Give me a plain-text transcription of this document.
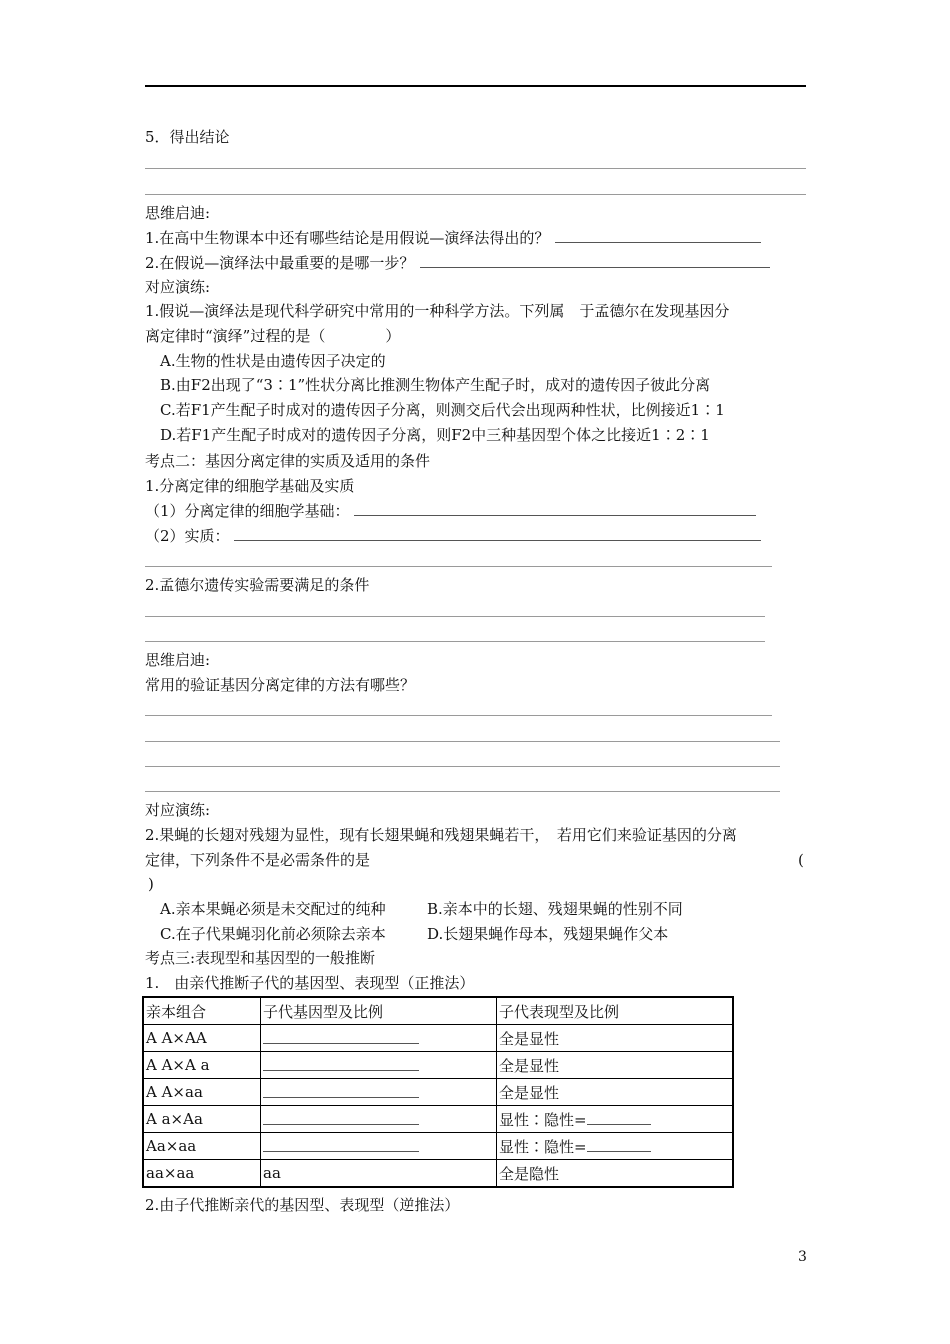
5．得出结论
思维启迪:
1.在高中生物课本中还有哪些结论是用假说—演绎法得出的？
2.在假说—演绎法中最重要的是哪一步？
对应演练:
1.假说—演绎法是现代科学研究中常用的一种科学方法。下列属　于孟德尔在发现基因分
离定律时“演绎”过程的是（　　　　）
A.生物的性状是由遗传因子决定的
B.由F2出现了“3∶1”性状分离比推测生物体产生配子时，成对的遗传因子彼此分离
C.若F1产生配子时成对的遗传因子分离，则测交后代会出现两种性状，比例接近1∶1
D.若F1产生配子时成对的遗传因子分离，则F2中三种基因型个体之比接近1∶2∶1
考点二：基因分离定律的实质及适用的条件
1.分离定律的细胞学基础及实质
（1）分离定律的细胞学基础：
（2）实质：
2.孟德尔遗传实验需要满足的条件
思维启迪:
常用的验证基因分离定律的方法有哪些？
对应演练:
2.果蝇的长翅对残翅为显性，现有长翅果蝇和残翅果蝇若干，　若用它们来验证基因的分离
定律，下列条件不是必需条件的是	(
)
A.亲本果蝇必须是未交配过的纯种	B.亲本中的长翅、残翅果蝇的性别不同
C.在子代果蝇羽化前必须除去亲本	D.长翅果蝇作母本，残翅果蝇作父本
考点三:表现型和基因型的一般推断
1.　由亲代推断子代的基因型、表现型（正推法）
亲本组合	子代基因型及比例	子代表现型及比例
A A×AA		全是显性
A A×A a		全是显性
A A×aa		全是显性
A a×Aa		显性∶隐性=
Aa×aa		显性∶隐性=
aa×aa	aa	全是隐性
2.由子代推断亲代的基因型、表现型（逆推法）
3
